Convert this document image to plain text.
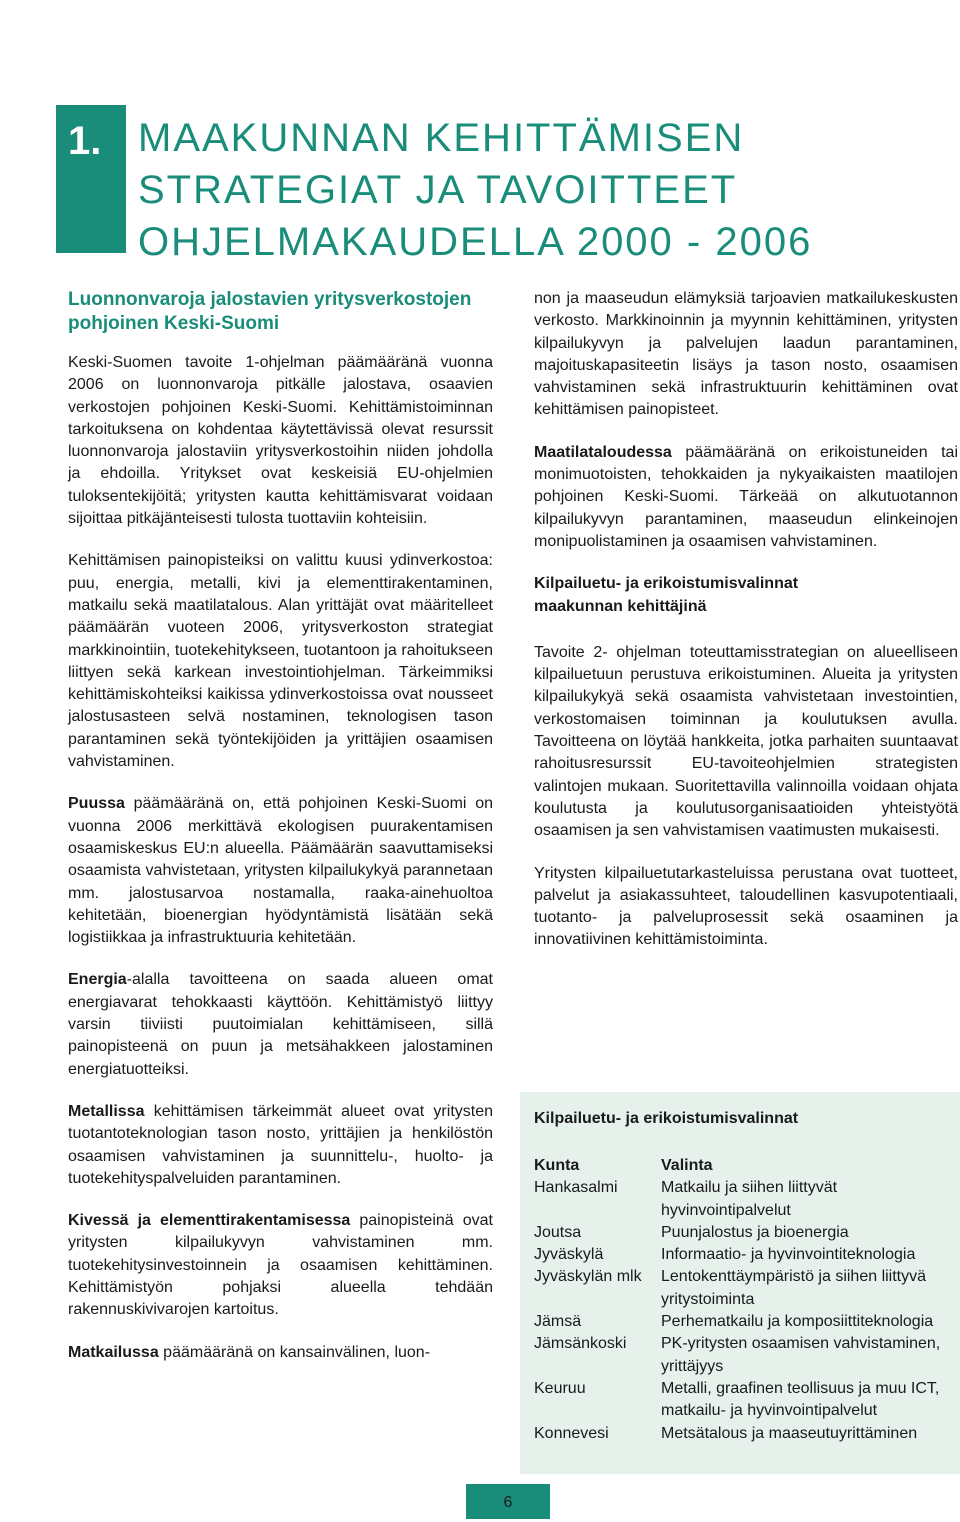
1. MAAKUNNAN KEHITTÄMISEN
STRATEGIAT JA TAVOITTEET
OHJELMAKAUDELLA 2000 - 2006
Luonnonvaroja jalostavien yritysverkostojen pohjoinen Keski-Suomi

Keski-Suomen tavoite 1-ohjelman päämääränä vuonna 2006 on luonnonvaroja pitkälle jalostava, osaavien verkostojen pohjoinen Keski-Suomi. Kehittämistoiminnan tarkoituksena on kohdentaa käytettävissä olevat resurssit luonnonvaroja jalostaviin yritysverkostoihin niiden johdolla ja ehdoilla. Yritykset ovat keskeisiä EU-ohjelmien tuloksentekijöitä; yritysten kautta kehittämisvarat voidaan sijoittaa pitkäjänteisesti tulosta tuottaviin kohteisiin.

Kehittämisen painopisteiksi on valittu kuusi ydinverkostoa: puu, energia, metalli, kivi ja elementtirakentaminen, matkailu sekä maatilatalous. Alan yrittäjät ovat määritelleet päämäärän vuoteen 2006, yritysverkoston strategiat markkinointiin, tuotekehitykseen, tuotantoon ja rahoitukseen liittyen sekä karkean investointiohjelman. Tärkeimmiksi kehittämiskohteiksi kaikissa ydinverkostoissa ovat nousseet jalostusasteen selvä nostaminen, teknologisen tason parantaminen sekä työntekijöiden ja yrittäjien osaamisen vahvistaminen.

Puussa päämääränä on, että pohjoinen Keski-Suomi on vuonna 2006 merkittävä ekologisen puurakentamisen osaamiskeskus EU:n alueella. Päämäärän saavuttamiseksi osaamista vahvistetaan, yritysten kilpailukykyä parannetaan mm. jalostusarvoa nostamalla, raaka-ainehuoltoa kehitetään, bioenergian hyödyntämistä lisätään sekä logistiikkaa ja infrastruktuuria kehitetään.

Energia-alalla tavoitteena on saada alueen omat energiavarat tehokkaasti käyttöön. Kehittämistyö liittyy varsin tiiviisti puutoimialan kehittämiseen, sillä painopisteenä on puun ja metsähakkeen jalostaminen energiatuotteiksi.

Metallissa kehittämisen tärkeimmät alueet ovat yritysten tuotantoteknologian tason nosto, yrittäjien ja henkilöstön osaamisen vahvistaminen ja suunnittelu-, huolto- ja tuotekehityspalveluiden parantaminen.

Kivessä ja elementtirakentamisessa painopisteinä ovat yritysten kilpailukyvyn vahvistaminen mm. tuotekehitysinvestoinnein ja osaamisen kehittäminen. Kehittämistyön pohjaksi alueella tehdään rakennuskivivarojen kartoitus.

Matkailussa päämääränä on kansainvälinen, luon-

non ja maaseudun elämyksiä tarjoavien matkailukeskusten verkosto. Markkinoinnin ja myynnin kehittäminen, yritysten kilpailukyvyn ja palvelujen laadun parantaminen, majoituskapasiteetin lisäys ja tason nosto, osaamisen vahvistaminen sekä infrastruktuurin kehittäminen ovat kehittämisen painopisteet.

Maatilataloudessa päämääränä on erikoistuneiden tai monimuotoisten, tehokkaiden ja nykyaikaisten maatilojen pohjoinen Keski-Suomi. Tärkeää on alkutuotannon kilpailukyvyn parantaminen, maaseudun elinkeinojen monipuolistaminen ja osaamisen vahvistaminen.

Kilpailuetu- ja erikoistumisvalinnat
maakunnan kehittäjinä

Tavoite 2- ohjelman toteuttamisstrategian on alueelliseen kilpailuetuun perustuva erikoistuminen. Alueita ja yritysten kilpailukykyä sekä osaamista vahvistetaan investointien, verkostomaisen toiminnan ja koulutuksen avulla. Tavoitteena on löytää hankkeita, jotka parhaiten suuntaavat rahoitusresurssit EU-tavoiteohjelmien strategisten valintojen mukaan. Suoritettavilla valinnoilla voidaan ohjata koulutusta ja koulutusorganisaatioiden yhteistyötä osaamisen ja sen vahvistamisen vaatimusten mukaisesti.

Yritysten kilpailuetutarkasteluissa perustana ovat tuotteet, palvelut ja asiakassuhteet, taloudellinen kasvupotentiaali, tuotanto- ja palveluprosessit sekä osaaminen ja innovatiivinen kehittämistoiminta.

Kilpailuetu- ja erikoistumisvalinnat
Kunta	Valinta
Hankasalmi	Matkailu ja siihen liittyvät hyvinvointipalvelut
Joutsa	Puunjalostus ja bioenergia
Jyväskylä	Informaatio- ja hyvinvointiteknologia
Jyväskylän mlk	Lentokenttäympäristö ja siihen liittyvä yritystoiminta
Jämsä	Perhematkailu ja komposiittiteknologia
Jämsänkoski	PK-yritysten osaamisen vahvistaminen, yrittäjyys
Keuruu	Metalli, graafinen teollisuus ja muu ICT, matkailu- ja hyvinvointipalvelut
Konnevesi	Metsätalous ja maaseutuyrittäminen
6
